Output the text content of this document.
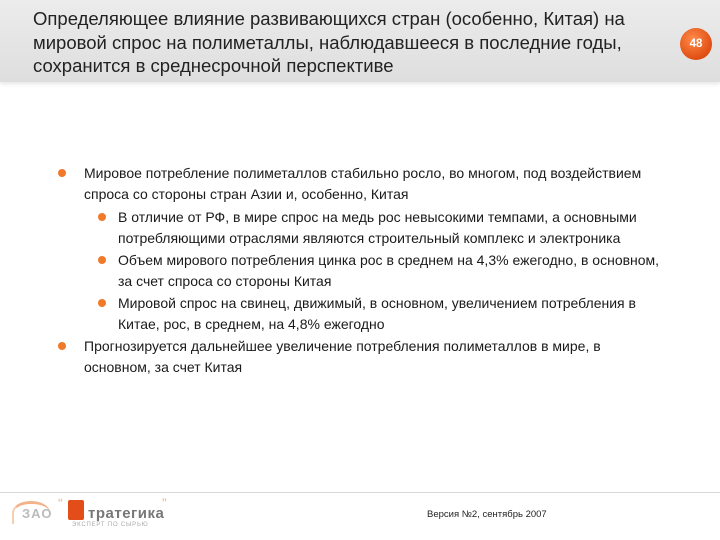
Определяющее влияние развивающихся стран (особенно, Китая) на мировой спрос на полиметаллы, наблюдавшееся в последние годы, сохранится в среднесрочной перспективе
48
Мировое потребление полиметаллов стабильно росло, во многом, под воздействием спроса со стороны стран Азии и, особенно, Китая
В отличие от РФ, в мире спрос на медь рос невысокими темпами, а основными потребляющими отраслями являются строительный комплекс и электроника
Объем мирового потребления цинка рос в среднем на 4,3% ежегодно, в основном, за счет спроса со стороны Китая
Мировой спрос на свинец, движимый, в основном, увеличением потребления в Китае, рос, в среднем, на 4,8% ежегодно
Прогнозируется дальнейшее увеличение потребления полиметаллов в мире, в основном, за счет Китая
ЗАО
“
тратегика
”
ЭКСПЕРТ ПО СЫРЬЮ
Версия №2, сентябрь 2007
